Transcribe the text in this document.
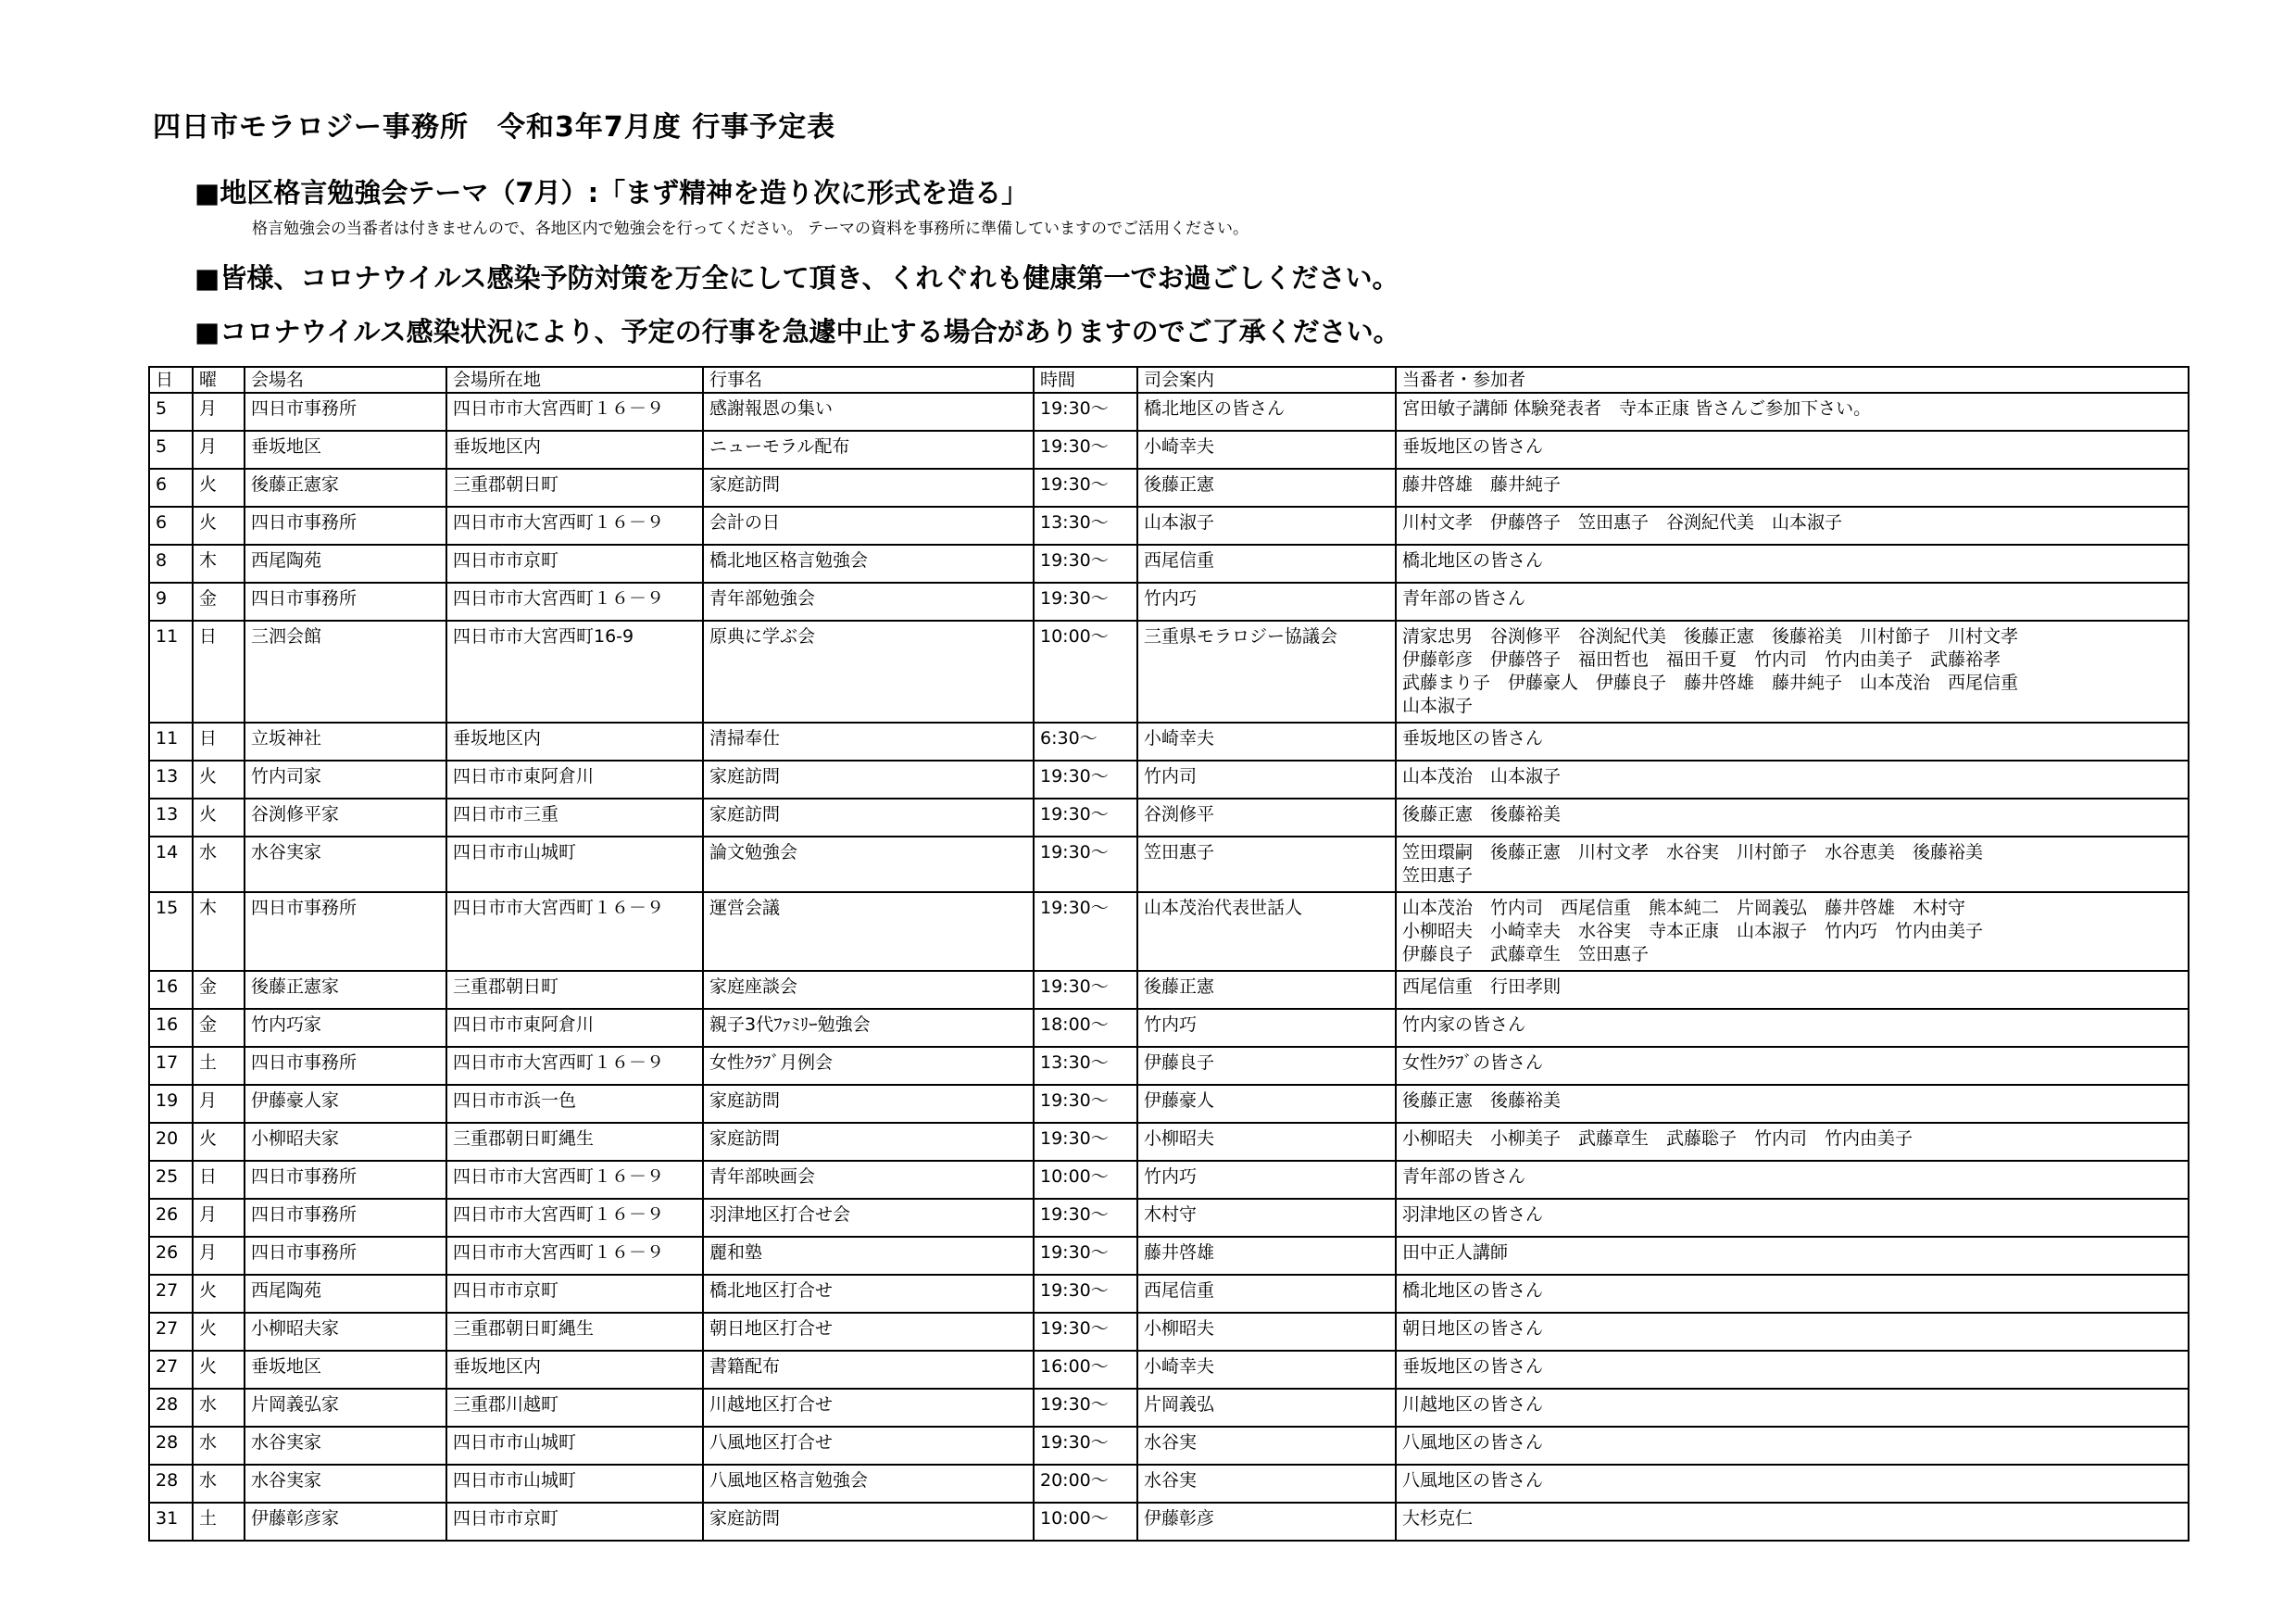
四日市モラロジー事務所　令和3年7月度 行事予定表
■地区格言勉強会テーマ（7月）:「まず精神を造り次に形式を造る」
格言勉強会の当番者は付きませんので、各地区内で勉強会を行ってください。 テーマの資料を事務所に準備していますのでご活用ください。
■皆様、コロナウイルス感染予防対策を万全にして頂き、くれぐれも健康第一でお過ごしください。
■コロナウイルス感染状況により、予定の行事を急遽中止する場合がありますのでご了承ください。
日	曜	会場名	会場所在地	行事名	時間	司会案内	当番者・参加者
5	月	四日市事務所	四日市市大宮西町１６－９	感謝報恩の集い	19:30～	橋北地区の皆さん	宮田敏子講師 体験発表者　寺本正康 皆さんご参加下さい。

5	月	垂坂地区	垂坂地区内	ニューモラル配布	19:30～	小崎幸夫	垂坂地区の皆さん

6	火	後藤正憲家	三重郡朝日町	家庭訪問	19:30～	後藤正憲	藤井啓雄　藤井純子

6	火	四日市事務所	四日市市大宮西町１６－９	会計の日	13:30～	山本淑子	川村文孝　伊藤啓子　笠田惠子　谷渕紀代美　山本淑子

8	木	西尾陶苑	四日市市京町	橋北地区格言勉強会	19:30～	西尾信重	橋北地区の皆さん

9	金	四日市事務所	四日市市大宮西町１６－９	青年部勉強会	19:30～	竹内巧	青年部の皆さん

11	日	三泗会館	四日市市大宮西町16-9	原典に学ぶ会	10:00～	三重県モラロジー協議会	清家忠男　谷渕修平　谷渕紀代美　後藤正憲　後藤裕美　川村節子　川村文孝
伊藤彰彦　伊藤啓子　福田哲也　福田千夏　竹内司　竹内由美子　武藤裕孝
武藤まり子　伊藤豪人　伊藤良子　藤井啓雄　藤井純子　山本茂治　西尾信重
山本淑子

11	日	立坂神社	垂坂地区内	清掃奉仕	6:30～	小崎幸夫	垂坂地区の皆さん

13	火	竹内司家	四日市市東阿倉川	家庭訪問	19:30～	竹内司	山本茂治　山本淑子

13	火	谷渕修平家	四日市市三重	家庭訪問	19:30～	谷渕修平	後藤正憲　後藤裕美

14	水	水谷実家	四日市市山城町	論文勉強会	19:30～	笠田惠子	笠田環嗣　後藤正憲　川村文孝　水谷実　川村節子　水谷恵美　後藤裕美
笠田惠子

15	木	四日市事務所	四日市市大宮西町１６－９	運営会議	19:30～	山本茂治代表世話人	山本茂治　竹内司　西尾信重　熊本純二　片岡義弘　藤井啓雄　木村守
小柳昭夫　小崎幸夫　水谷実　寺本正康　山本淑子　竹内巧　竹内由美子
伊藤良子　武藤章生　笠田惠子

16	金	後藤正憲家	三重郡朝日町	家庭座談会	19:30～	後藤正憲	西尾信重　行田孝則

16	金	竹内巧家	四日市市東阿倉川	親子3代ﾌｧﾐﾘｰ勉強会	18:00～	竹内巧	竹内家の皆さん

17	土	四日市事務所	四日市市大宮西町１６－９	女性ｸﾗﾌﾞ月例会	13:30～	伊藤良子	女性ｸﾗﾌﾞの皆さん

19	月	伊藤豪人家	四日市市浜一色	家庭訪問	19:30～	伊藤豪人	後藤正憲　後藤裕美

20	火	小柳昭夫家	三重郡朝日町縄生	家庭訪問	19:30～	小柳昭夫	小柳昭夫　小柳美子　武藤章生　武藤聡子　竹内司　竹内由美子

25	日	四日市事務所	四日市市大宮西町１６－９	青年部映画会	10:00～	竹内巧	青年部の皆さん

26	月	四日市事務所	四日市市大宮西町１６－９	羽津地区打合せ会	19:30～	木村守	羽津地区の皆さん

26	月	四日市事務所	四日市市大宮西町１６－９	麗和塾	19:30～	藤井啓雄	田中正人講師

27	火	西尾陶苑	四日市市京町	橋北地区打合せ	19:30～	西尾信重	橋北地区の皆さん

27	火	小柳昭夫家	三重郡朝日町縄生	朝日地区打合せ	19:30～	小柳昭夫	朝日地区の皆さん

27	火	垂坂地区	垂坂地区内	書籍配布	16:00～	小崎幸夫	垂坂地区の皆さん

28	水	片岡義弘家	三重郡川越町	川越地区打合せ	19:30～	片岡義弘	川越地区の皆さん

28	水	水谷実家	四日市市山城町	八風地区打合せ	19:30～	水谷実	八風地区の皆さん

28	水	水谷実家	四日市市山城町	八風地区格言勉強会	20:00～	水谷実	八風地区の皆さん

31	土	伊藤彰彦家	四日市市京町	家庭訪問	10:00～	伊藤彰彦	大杉克仁
